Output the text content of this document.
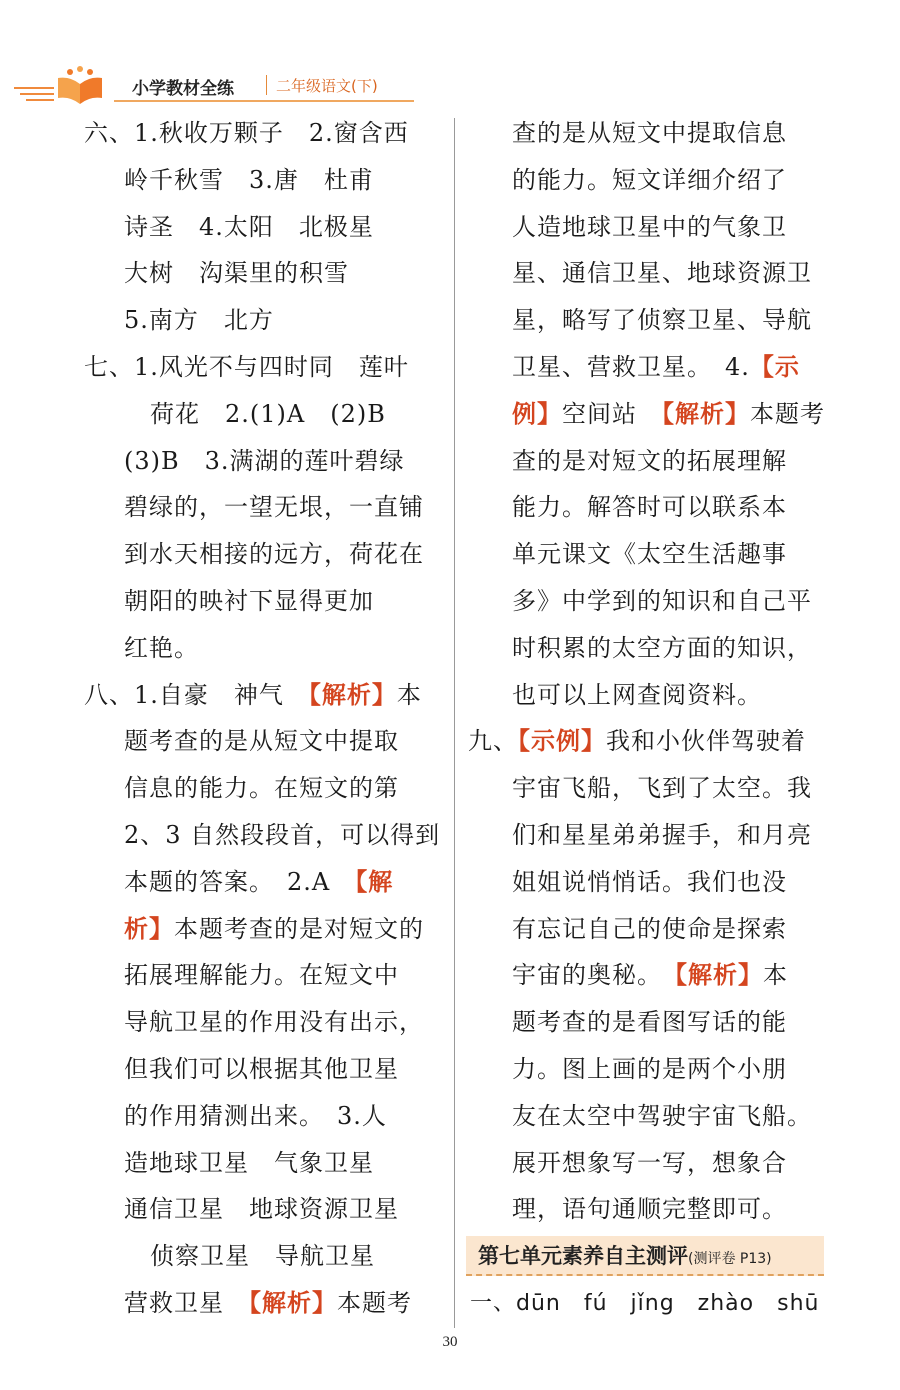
小学教材全练	二年级语文(下)
六、1.秋收万颗子　2.窗含西
岭千秋雪　3.唐　杜甫
诗圣　4.太阳　北极星
大树　沟渠里的积雪
5.南方　北方
七、1.风光不与四时同　莲叶
荷花　2.(1)A　(2)B
(3)B　3.满湖的莲叶碧绿
碧绿的，一望无垠，一直铺
到水天相接的远方，荷花在
朝阳的映衬下显得更加
红艳。
八、1.自豪　神气　【解析】本
题考查的是从短文中提取
信息的能力。在短文的第
2、3 自然段段首，可以得到
本题的答案。　2.A　【解
析】本题考查的是对短文的
拓展理解能力。在短文中
导航卫星的作用没有出示，
但我们可以根据其他卫星
的作用猜测出来。　3.人
造地球卫星　气象卫星
通信卫星　地球资源卫星
侦察卫星　导航卫星
营救卫星　【解析】本题考
查的是从短文中提取信息
的能力。短文详细介绍了
人造地球卫星中的气象卫
星、通信卫星、地球资源卫
星，略写了侦察卫星、导航
卫星、营救卫星。　4.【示
例】空间站　【解析】本题考
查的是对短文的拓展理解
能力。解答时可以联系本
单元课文《太空生活趣事
多》中学到的知识和自己平
时积累的太空方面的知识，
也可以上网查阅资料。
九、【示例】我和小伙伴驾驶着
宇宙飞船，飞到了太空。我
们和星星弟弟握手，和月亮
姐姐说悄悄话。我们也没
有忘记自己的使命是探索
宇宙的奥秘。　【解析】本
题考查的是看图写话的能
力。图上画的是两个小朋
友在太空中驾驶宇宙飞船。
展开想象写一写，想象合
理，语句通顺完整即可。
第七单元素养自主测评(测评卷 P13)
一、dūn　fú　jǐng　zhào　shū
30
